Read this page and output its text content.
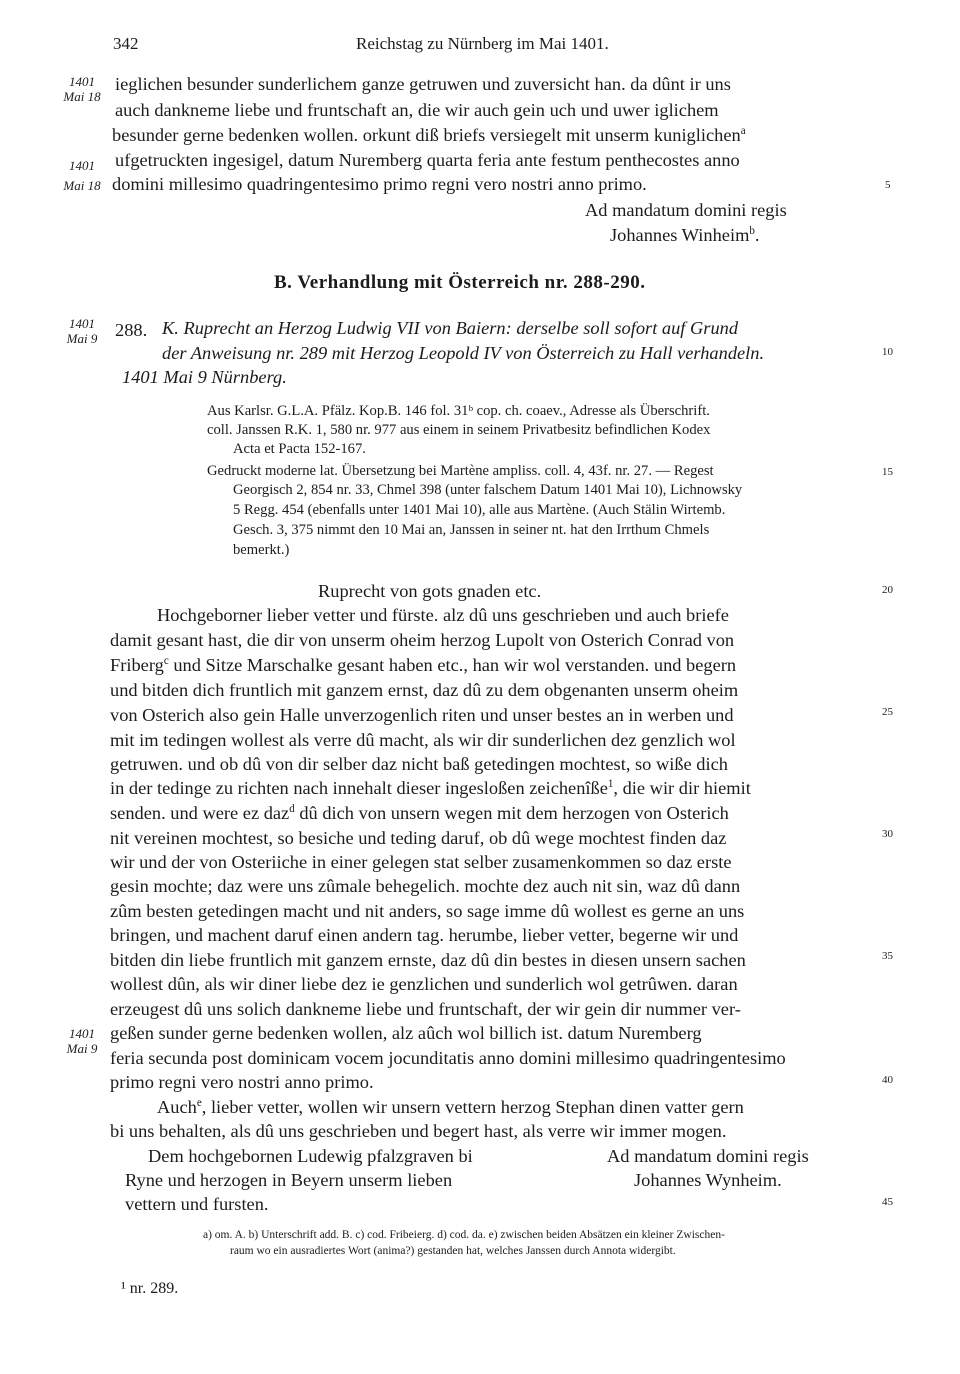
342	Reichstag zu Nürnberg im Mai 1401.
1401
Mai 18
1401
Mai 18
1401
Mai 9
1401
Mai 9
5
10
15
20
25
30
35
40
45
ieglichen besunder sunderlichem ganze getruwen und zuversicht han. da dûnt ir uns
auch dankneme liebe und fruntschaft an, die wir auch gein uch und uwer iglichem
besunder gerne bedenken wollen. orkunt diß briefs versiegelt mit unserm kuniglichen$^a$
ufgetruckten ingesigel, datum Nuremberg quarta feria ante festum penthecostes anno
domini millesimo quadringentesimo primo regni vero nostri anno primo.
Ad mandatum domini regis
Johannes Winheim$^b$.
B. Verhandlung mit Österreich nr. 288-290.
288. K. Ruprecht an Herzog Ludwig VII von Baiern: derselbe soll sofort auf Grund
der Anweisung nr. 289 mit Herzog Leopold IV von Österreich zu Hall verhandeln.
1401 Mai 9 Nürnberg.
Aus Karlsr. G.L.A. Pfälz. Kop.B. 146 fol. 31ᵇ cop. ch. coaev., Adresse als Überschrift.
coll. Janssen R.K. 1, 580 nr. 977 aus einem in seinem Privatbesitz befindlichen Kodex
Acta et Pacta 152-167.
Gedruckt moderne lat. Übersetzung bei Martène ampliss. coll. 4, 43f. nr. 27. — Regest
Georgisch 2, 854 nr. 33, Chmel 398 (unter falschem Datum 1401 Mai 10), Lichnowsky
5 Regg. 454 (ebenfalls unter 1401 Mai 10), alle aus Martène. (Auch Stälin Wirtemb.
Gesch. 3, 375 nimmt den 10 Mai an, Janssen in seiner nt. hat den Irrthum Chmels
bemerkt.)
Ruprecht von gots gnaden etc.
Hochgeborner lieber vetter und fürste. alz dû uns geschrieben und auch briefe
damit gesant hast, die dir von unserm oheim herzog Lupolt von Osterich Conrad von
Friberg$^c$ und Sitze Marschalke gesant haben etc., han wir wol verstanden. und begern
und bitden dich fruntlich mit ganzem ernst, daz dû zu dem obgenanten unserm oheim
von Osterich also gein Halle unverzogenlich riten und unser bestes an in werben und
mit im tedingen wollest als verre dû macht, als wir dir sunderlichen dez genzlich wol
getruwen. und ob dû von dir selber daz nicht baß getedingen mochtest, so wiße dich
in der tedinge zu richten nach innehalt dieser ingesloßen zeichenîße$^1$, die wir dir hiemit
senden. und were ez daz$^d$ dû dich von unsern wegen mit dem herzogen von Osterich
nit vereinen mochtest, so besiche und teding daruf, ob dû wege mochtest finden daz
wir und der von Osteriiche in einer gelegen stat selber zusamenkommen so daz erste
gesin mochte; daz were uns zûmale behegelich. mochte dez auch nit sin, waz dû dann
zûm besten getedingen macht und nit anders, so sage imme dû wollest es gerne an uns
bringen, und machent daruf einen andern tag. herumbe, lieber vetter, begerne wir und
bitden din liebe fruntlich mit ganzem ernste, daz dû din bestes in diesen unsern sachen
wollest dûn, als wir diner liebe dez ie genzlichen und sunderlich wol getrûwen. daran
erzeugest dû uns solich dankneme liebe und fruntschaft, der wir gein dir nummer ver-
geßen sunder gerne bedenken wollen, alz aûch wol billich ist. datum Nuremberg
feria secunda post dominicam vocem jocunditatis anno domini millesimo quadringentesimo
primo regni vero nostri anno primo.
Auch$^e$, lieber vetter, wollen wir unsern vettern herzog Stephan dinen vatter gern
bi uns behalten, als dû uns geschrieben und begert hast, als verre wir immer mogen.
Dem hochgebornen Ludewig pfalzgraven bi
Ryne und herzogen in Beyern unserm lieben
vettern und fursten.
Ad mandatum domini regis
Johannes Wynheim.
a) om. A. b) Unterschrift add. B. c) cod. Fribeierg. d) cod. da. e) zwischen beiden Absätzen ein kleiner Zwischen-
raum wo ein ausradiertes Wort (anima?) gestanden hat, welches Janssen durch Annota widergibt.
¹ nr. 289.
